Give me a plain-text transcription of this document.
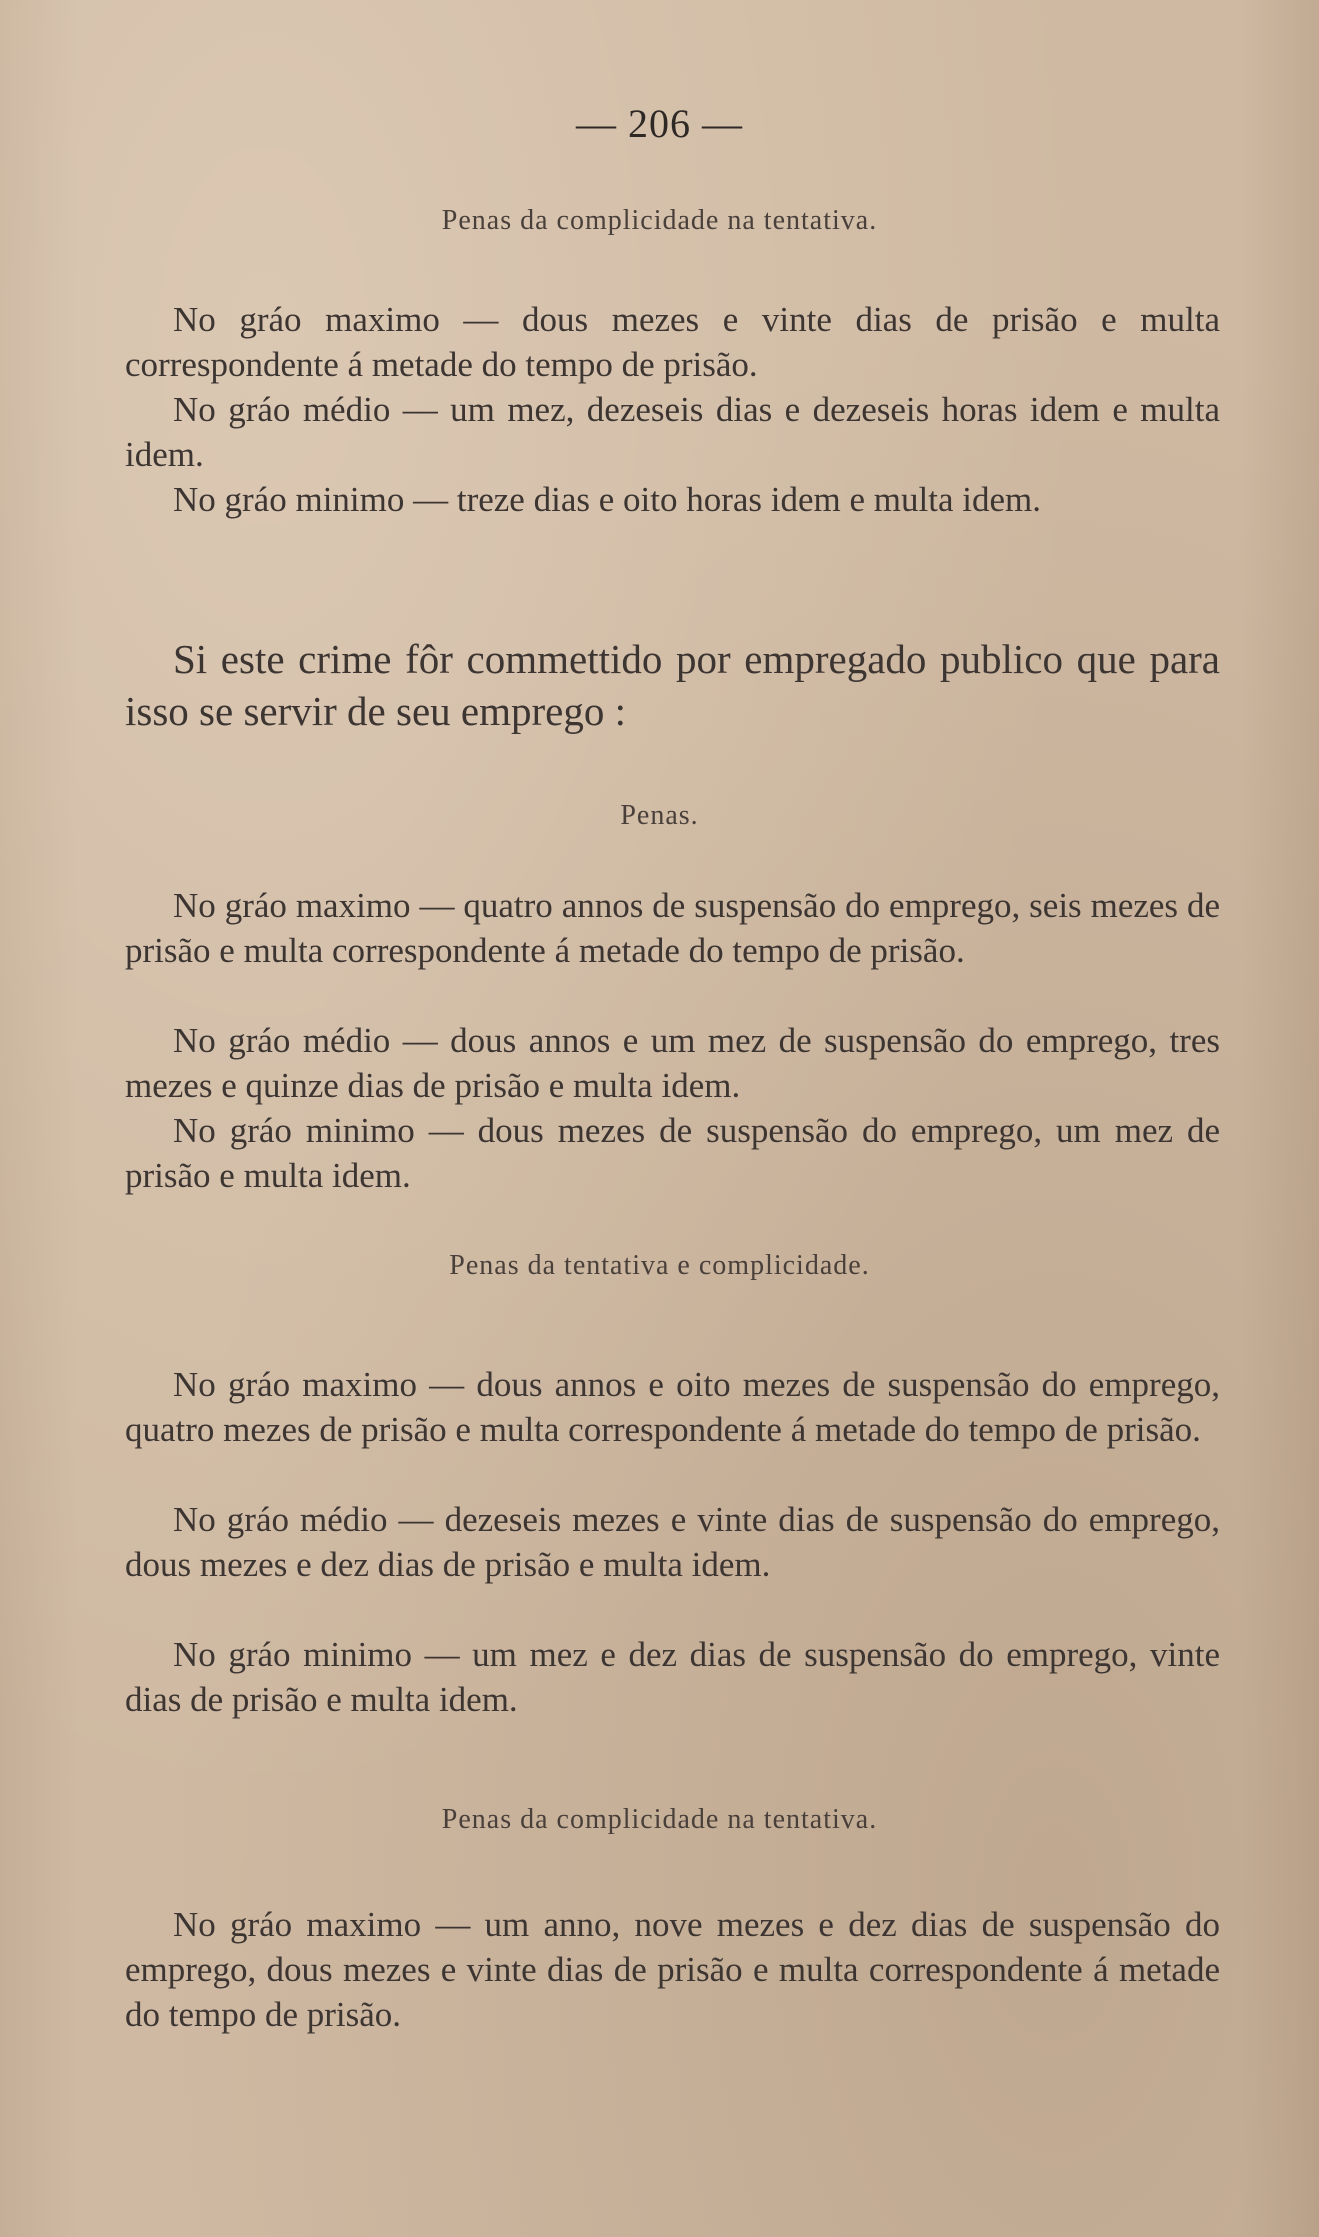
— 206 —
Penas da complicidade na tentativa.

No gráo maximo — dous mezes e vinte dias de prisão e multa correspondente á metade do tempo de prisão.

No gráo médio — um mez, dezeseis dias e dezeseis horas idem e multa idem.

No gráo minimo — treze dias e oito horas idem e multa idem.

Si este crime fôr commettido por empregado publico que para isso se servir de seu emprego :

Penas.

No gráo maximo — quatro annos de suspensão do emprego, seis mezes de prisão e multa correspondente á metade do tempo de prisão.

No gráo médio — dous annos e um mez de suspensão do emprego, tres mezes e quinze dias de prisão e multa idem.

No gráo minimo — dous mezes de suspensão do emprego, um mez de prisão e multa idem.

Penas da tentativa e complicidade.

No gráo maximo — dous annos e oito mezes de suspensão do emprego, quatro mezes de prisão e multa correspondente á metade do tempo de prisão.

No gráo médio — dezeseis mezes e vinte dias de suspensão do emprego, dous mezes e dez dias de prisão e multa idem.

No gráo minimo — um mez e dez dias de suspensão do emprego, vinte dias de prisão e multa idem.

Penas da complicidade na tentativa.

No gráo maximo — um anno, nove mezes e dez dias de suspensão do emprego, dous mezes e vinte dias de prisão e multa correspondente á metade do tempo de prisão.
